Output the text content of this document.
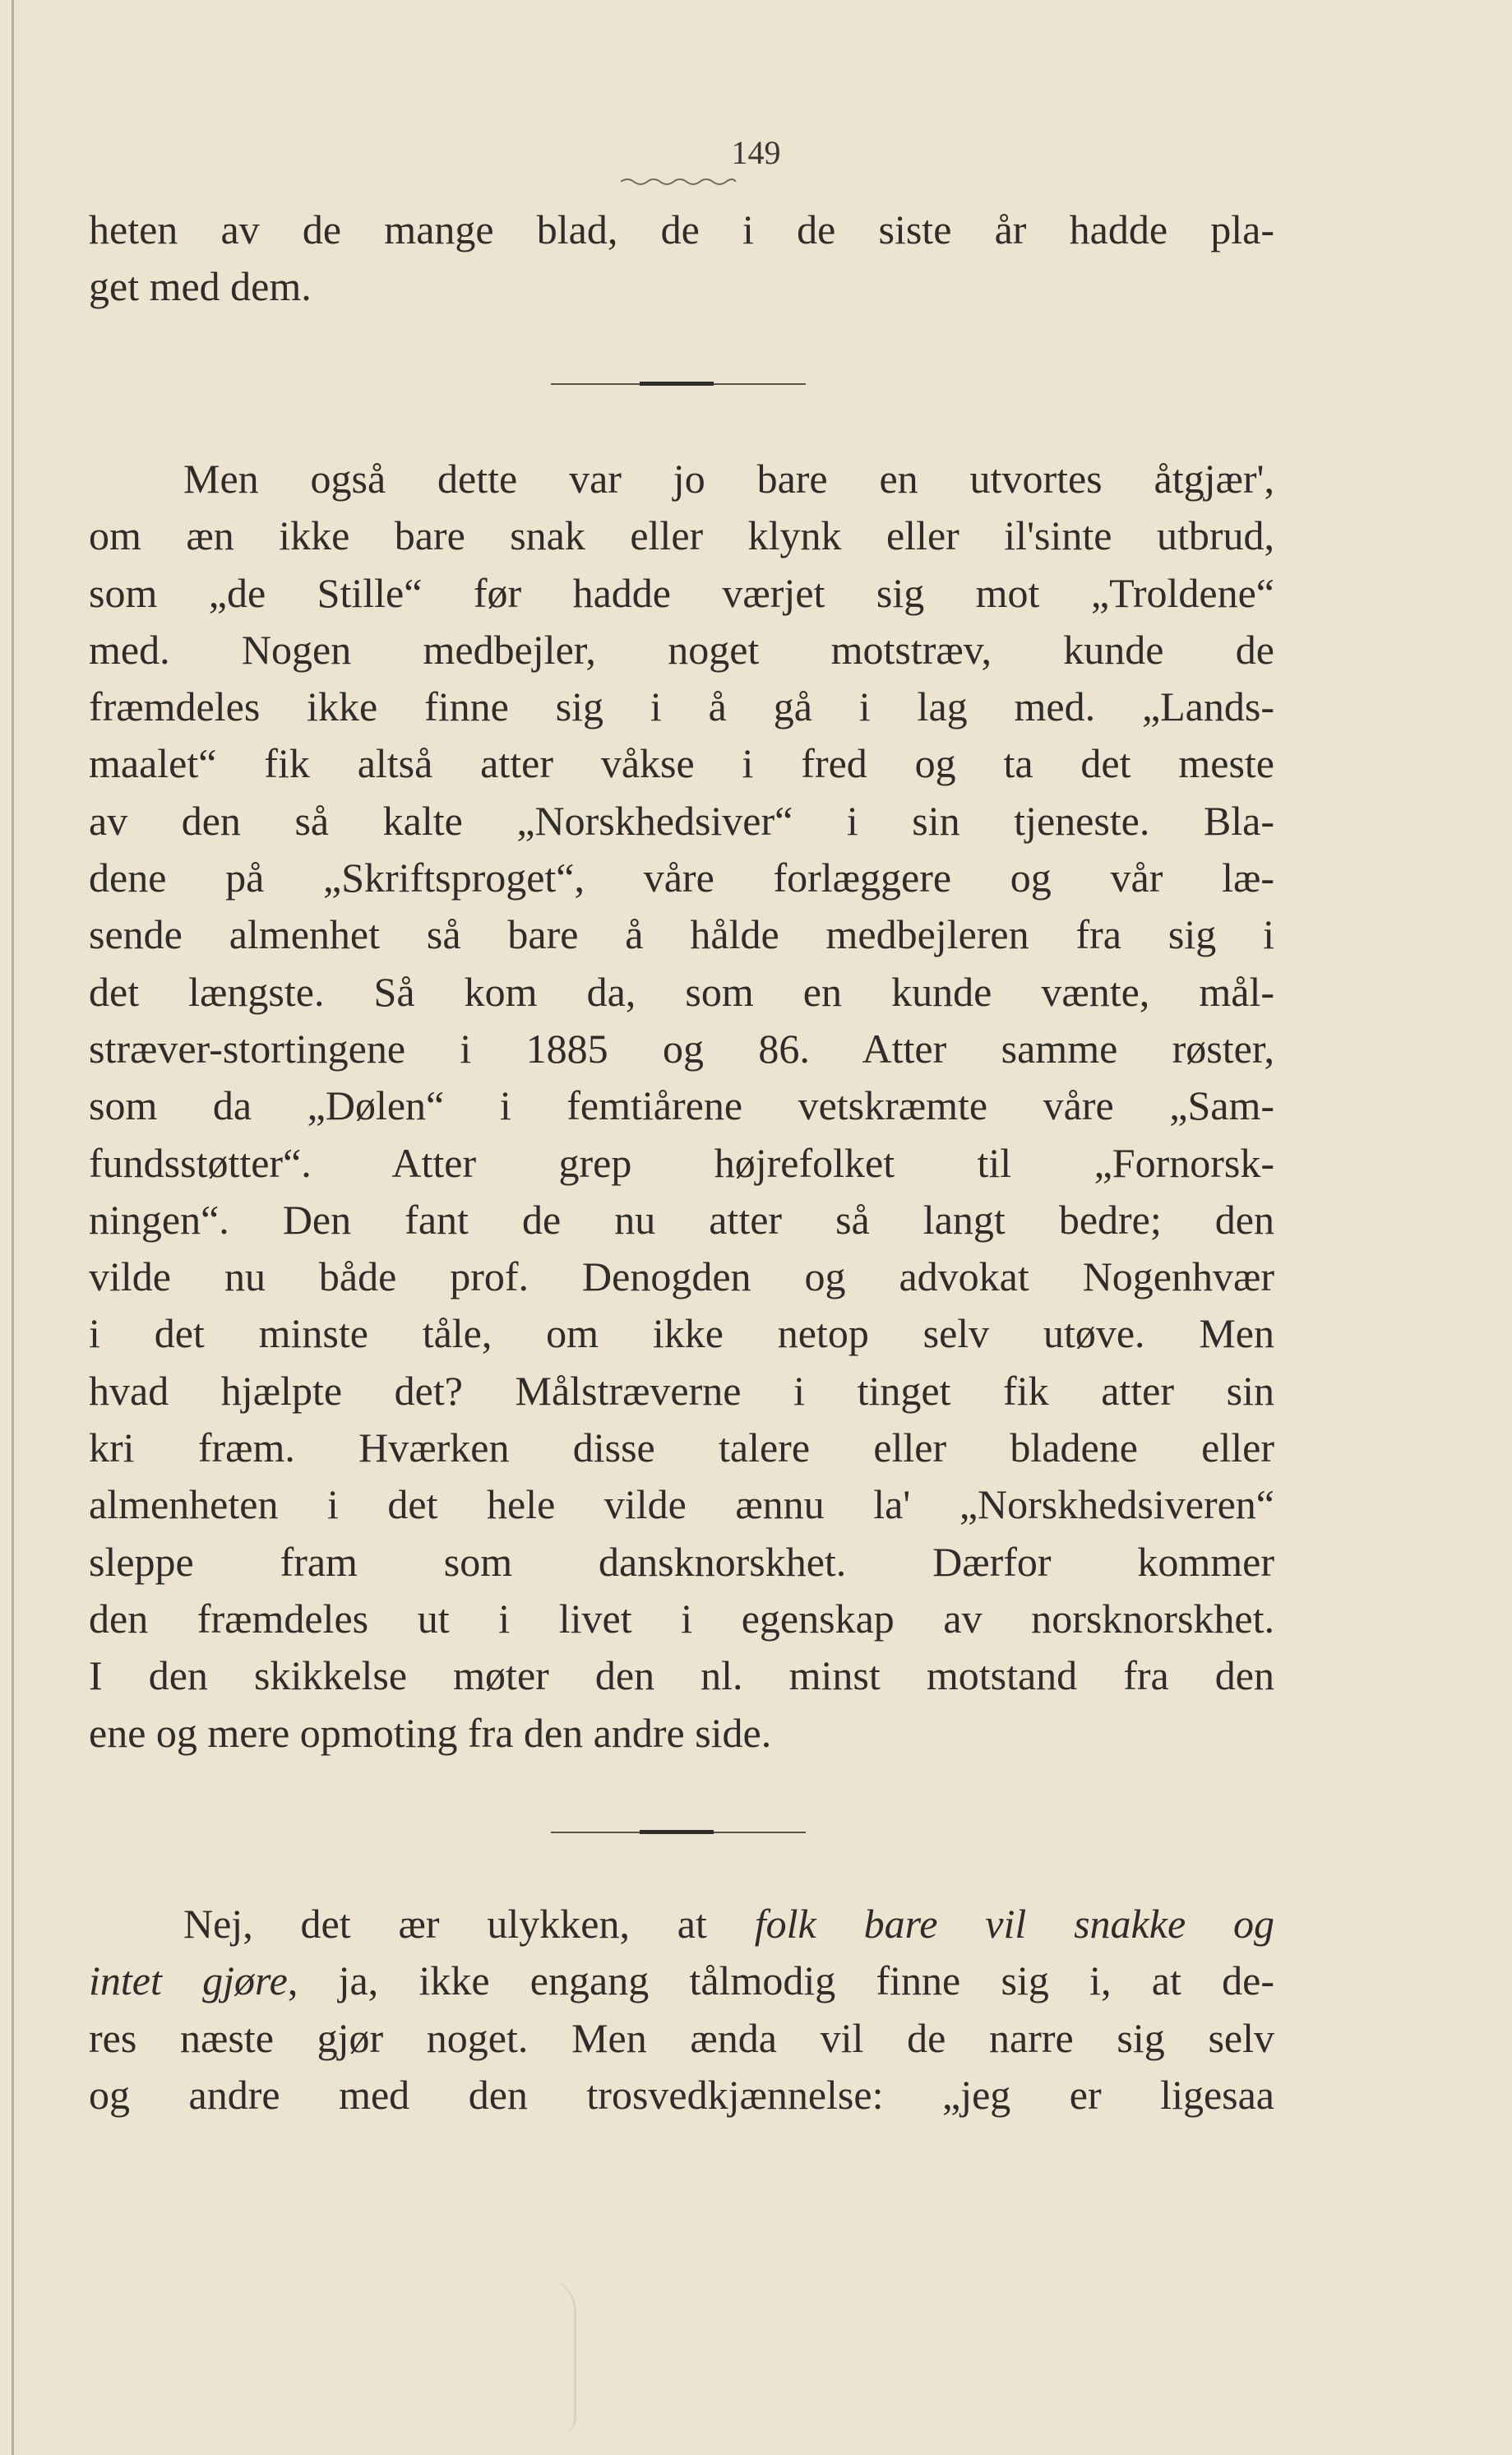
149
heten av de mange blad, de i de siste år hadde pla-
get med dem.
Men også dette var jo bare en utvortes åtgjær',
om æn ikke bare snak eller klynk eller il'sinte utbrud,
som „de Stille“ før hadde værjet sig mot „Troldene“
med. Nogen medbejler, noget motstræv, kunde de
fræmdeles ikke finne sig i å gå i lag med. „Lands-
maalet“ fik altså atter våkse i fred og ta det meste
av den så kalte „Norskhedsiver“ i sin tjeneste. Bla-
dene på „Skriftsproget“, våre forlæggere og vår læ-
sende almenhet så bare å hålde medbejleren fra sig i
det længste. Så kom da, som en kunde vænte, mål-
stræver-stortingene i 1885 og 86. Atter samme røster,
som da „Dølen“ i femtiårene vetskræmte våre „Sam-
fundsstøtter“. Atter grep højrefolket til „Fornorsk-
ningen“. Den fant de nu atter så langt bedre; den
vilde nu både prof. Denogden og advokat Nogenhvær
i det minste tåle, om ikke netop selv utøve. Men
hvad hjælpte det? Målstræverne i tinget fik atter sin
kri fræm. Hværken disse talere eller bladene eller
almenheten i det hele vilde ænnu la' „Norskhedsiveren“
sleppe fram som dansknorskhet. Dærfor kommer
den fræmdeles ut i livet i egenskap av norsknorskhet.
I den skikkelse møter den nl. minst motstand fra den
ene og mere opmoting fra den andre side.
Nej, det ær ulykken, at folk bare vil snakke og
intet gjøre, ja, ikke engang tålmodig finne sig i, at de-
res næste gjør noget. Men ænda vil de narre sig selv
og andre med den trosvedkjænnelse: „jeg er ligesaa
